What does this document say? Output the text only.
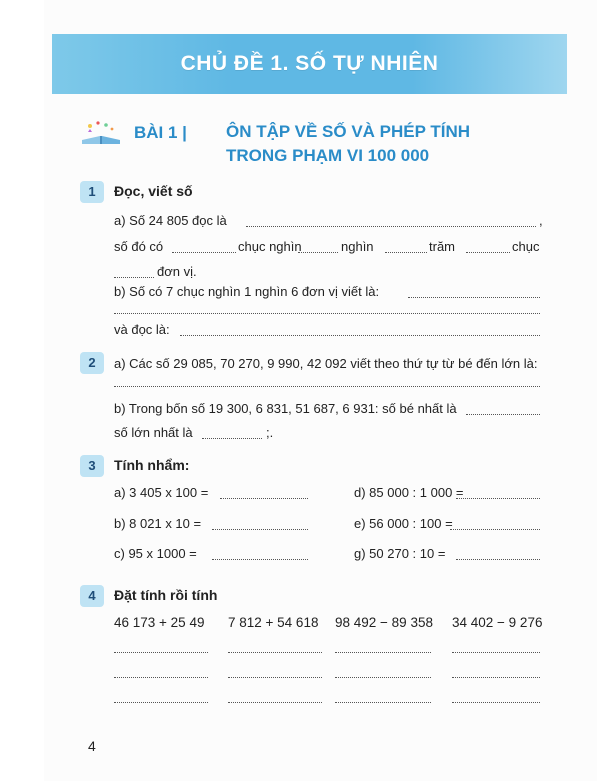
CHỦ ĐỀ 1. SỐ TỰ NHIÊN
BÀI 1 | ÔN TẬP VỀ SỐ VÀ PHÉP TÍNH
TRONG PHẠM VI 100 000
1	Đọc, viết số
a) Số 24 805 đọc là	,
số đó có	chục nghìn	nghìn	trăm	chục
đơn vị.
b) Số có 7 chục nghìn 1 nghìn 6 đơn vị viết là:
và đọc là:
2	a) Các số 29 085, 70 270, 9 990, 42 092 viết theo thứ tự từ bé đến lớn là:
b) Trong bốn số 19 300, 6 831, 51 687, 6 931: số bé nhất là
số lớn nhất là	;.
3	Tính nhẩm:
a) 3 405 x 100 =	d) 85 000 : 1 000 =
b) 8 021 x 10 =	e) 56 000 : 100 =
c) 95 x 1000 =	g) 50 270 : 10 =
4	Đặt tính rồi tính
46 173 + 25 49 7 812 + 54 618 98 492 − 89 358 34 402 − 9 276
4
